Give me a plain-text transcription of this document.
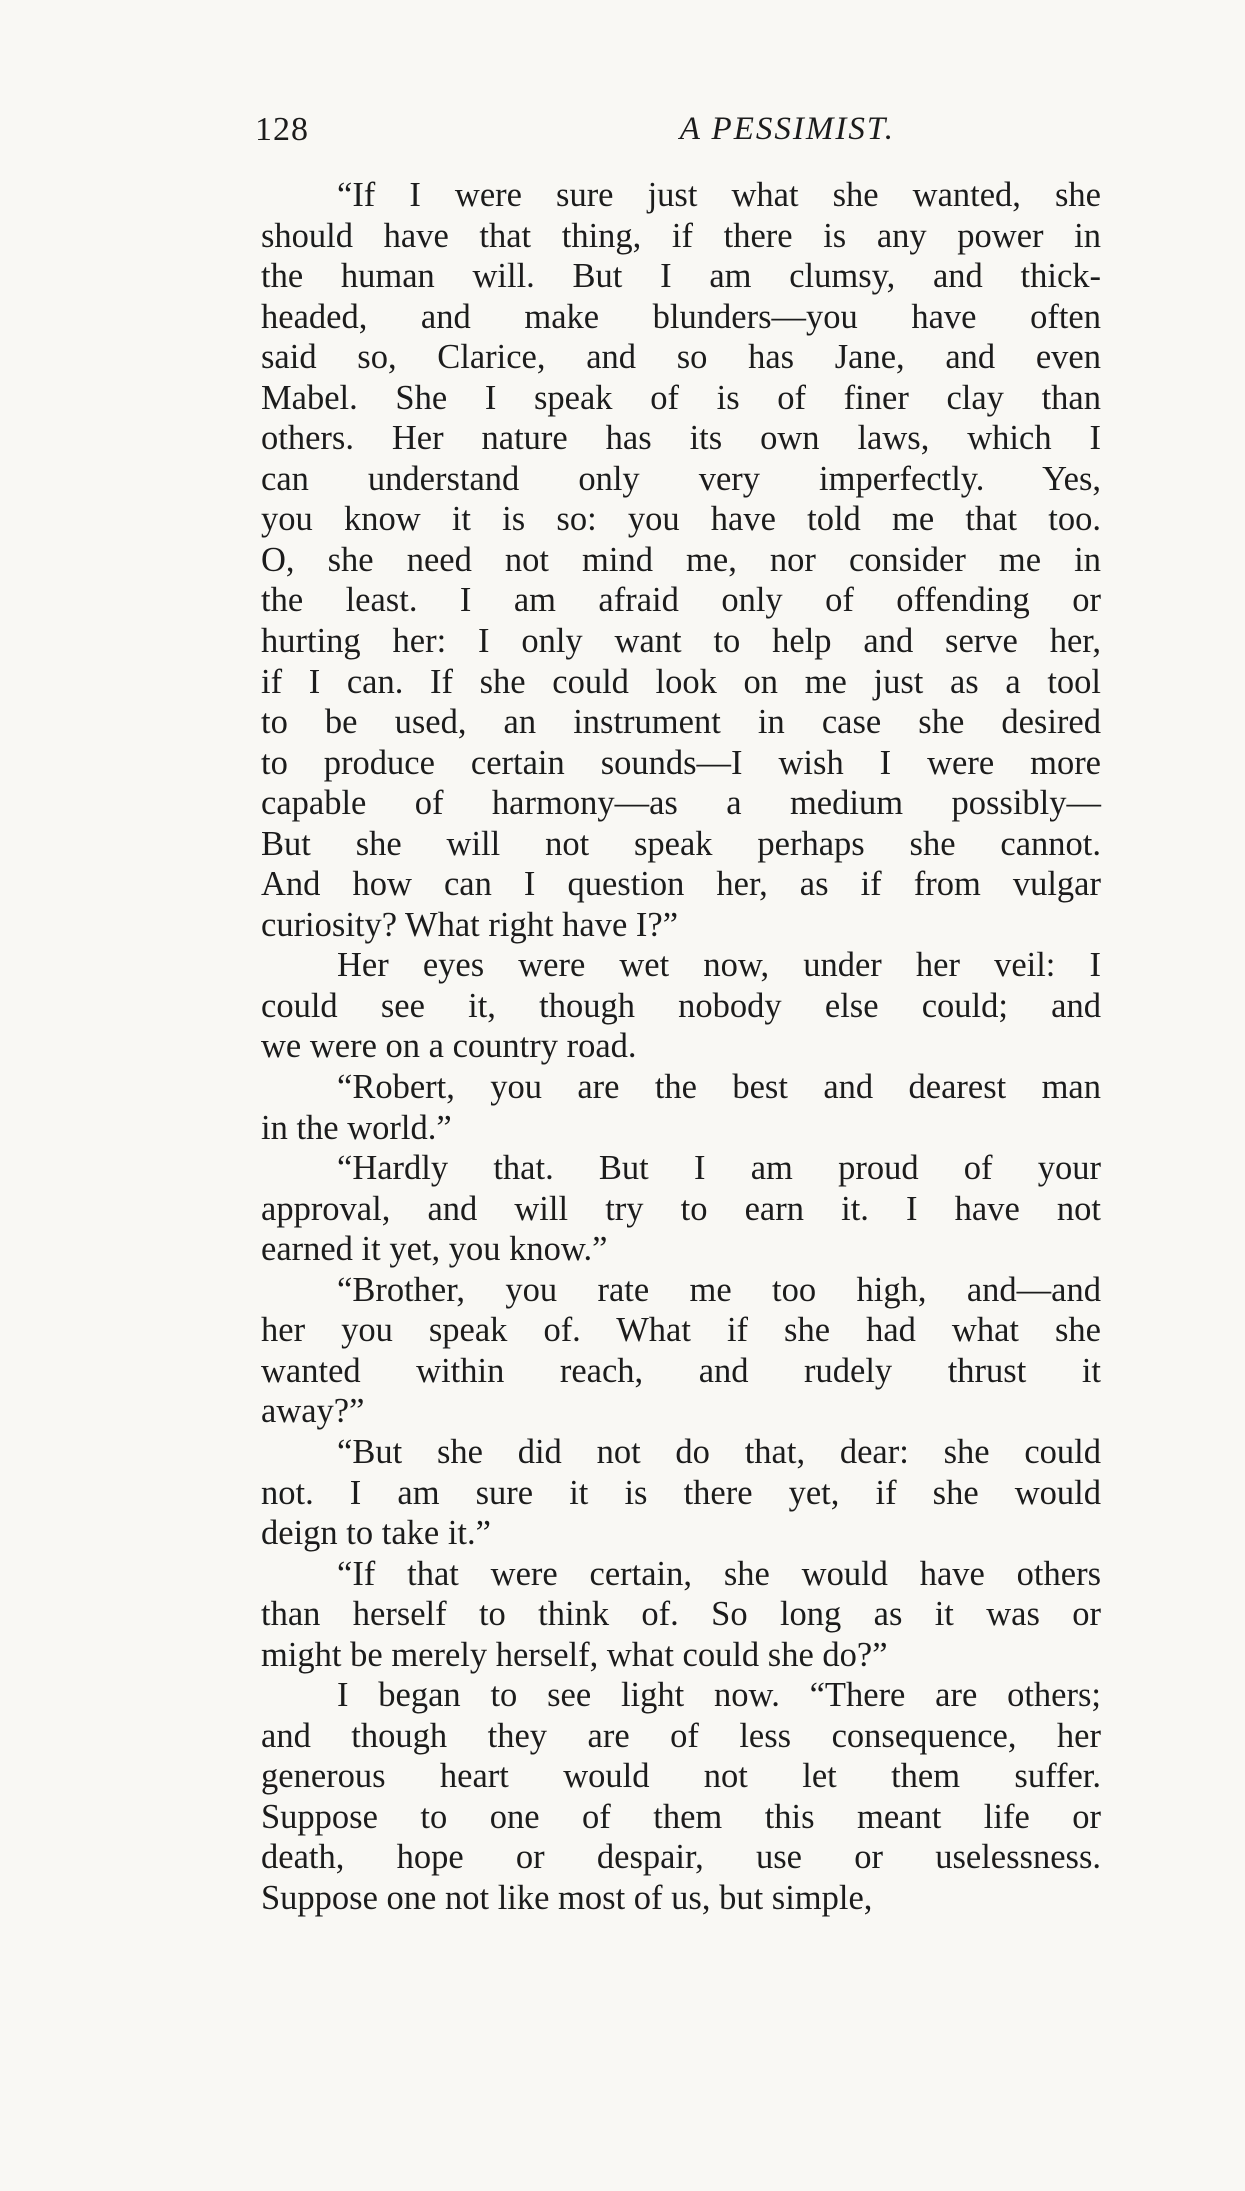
128	A PESSIMIST.

“If I were sure just what she wanted, she
should have that thing, if there is any power in
the human will. But I am clumsy, and thick-
headed, and make blunders—you have often
said so, Clarice, and so has Jane, and even
Mabel. She I speak of is of finer clay than
others. Her nature has its own laws, which I
can understand only very imperfectly. Yes,
you know it is so: you have told me that too.
O, she need not mind me, nor consider me in
the least. I am afraid only of offending or
hurting her: I only want to help and serve her,
if I can. If she could look on me just as a tool
to be used, an instrument in case she desired
to produce certain sounds—I wish I were more
capable of harmony—as a medium possibly—
But she will not speak perhaps she cannot.
And how can I question her, as if from vulgar
curiosity? What right have I?”

Her eyes were wet now, under her veil: I
could see it, though nobody else could; and
we were on a country road.

“Robert, you are the best and dearest man
in the world.”

“Hardly that. But I am proud of your
approval, and will try to earn it. I have not
earned it yet, you know.”

“Brother, you rate me too high, and—and
her you speak of. What if she had what she
wanted within reach, and rudely thrust it
away?”

“But she did not do that, dear: she could
not. I am sure it is there yet, if she would
deign to take it.”

“If that were certain, she would have others
than herself to think of. So long as it was or
might be merely herself, what could she do?”

I began to see light now. “There are others;
and though they are of less consequence, her
generous heart would not let them suffer.
Suppose to one of them this meant life or
death, hope or despair, use or uselessness.
Suppose one not like most of us, but simple,
